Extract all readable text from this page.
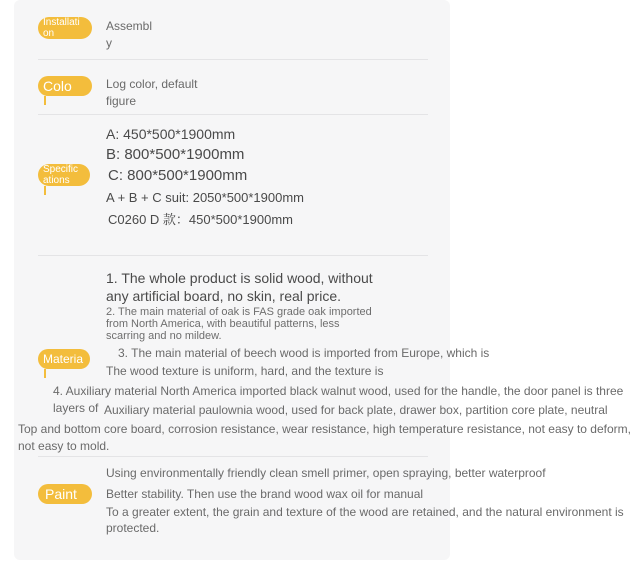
Installati on
Assembl
y
Colo	Log color, default
figure
Specific ations
A: 450*500*1900mm
B: 800*500*1900mm
C: 800*500*1900mm
A + B + C suit: 2050*500*1900mm
C0260 D 款：450*500*1900mm
Materia
1. The whole product is solid wood, without
any artificial board, no skin, real price.
2. The main material of oak is FAS grade oak imported
from North America, with beautiful patterns, less
scarring and no mildew.
3. The main material of beech wood is imported from Europe, which is
The wood texture is uniform, hard, and the texture is
4. Auxiliary material North America imported black walnut wood, used for the handle, the door panel is three
layers of Auxiliary material paulownia wood, used for back plate, drawer box, partition core plate, neutral
Top and bottom core board, corrosion resistance, wear resistance, high temperature resistance, not easy to deform,
not easy to mold.
Paint
Using environmentally friendly clean smell primer, open spraying, better waterproof
Better stability. Then use the brand wood wax oil for manual
To a greater extent, the grain and texture of the wood are retained, and the natural environment is
protected.
